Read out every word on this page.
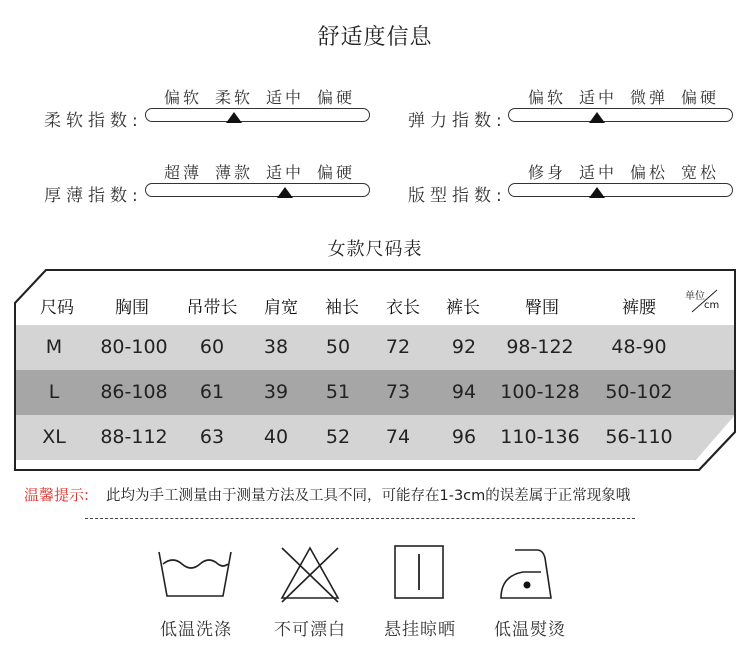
舒适度信息
偏软 柔软 适中 偏硬
柔软指数:
偏软 适中 微弹 偏硬
弹力指数:
超薄 薄款 适中 偏硬
厚薄指数:
修身 适中 偏松 宽松
版型指数:
女款尺码表
尺码 胸围 吊带长 肩宽 袖长 衣长 裤长	臀围	裤腰
单位
cm
M 80-100 60 38 50 72 92 98-122 48-90
L 86-108 61 39 51 73 94 100-128 50-102
XL 88-112 63 40 52 74 96 110-136 56-110
温馨提示: 此均为手工测量由于测量方法及工具不同，可能存在1-3cm的误差属于正常现象哦
低温洗涤 不可漂白 悬挂晾晒 低温熨烫
